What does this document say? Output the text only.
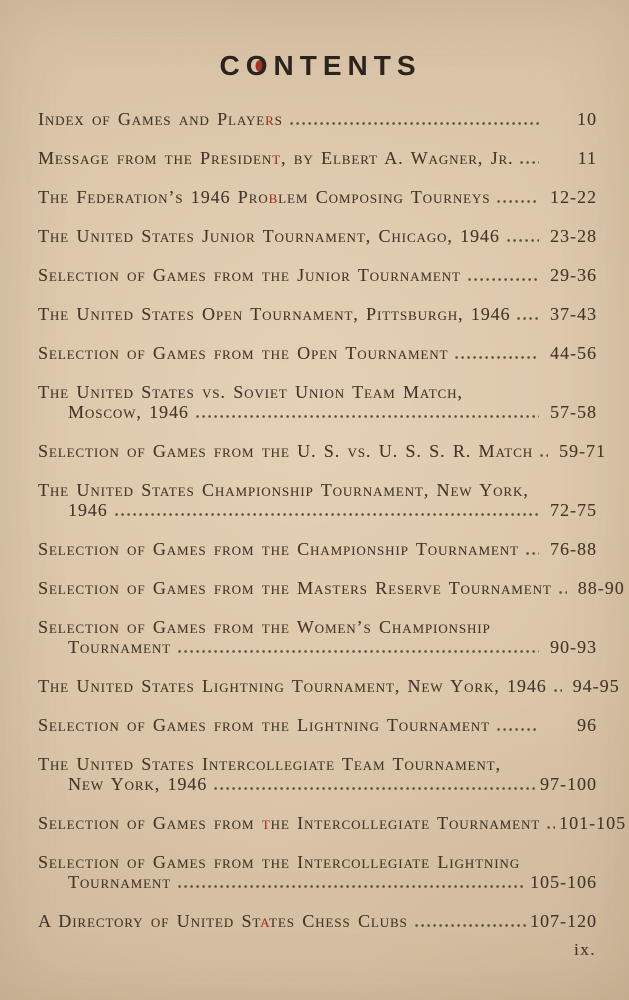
CONTENTS
Index of Games and Players	10
Message from the President, by Elbert A. Wagner, Jr.	11
The Federation’s 1946 Problem Composing Tourneys	12-22
The United States Junior Tournament, Chicago, 1946	23-28
Selection of Games from the Junior Tournament	29-36
The United States Open Tournament, Pittsburgh, 1946	37-43
Selection of Games from the Open Tournament	44-56
The United States vs. Soviet Union Team Match,
Moscow, 1946	57-58
Selection of Games from the U. S. vs. U. S. S. R. Match	59-71
The United States Championship Tournament, New York,
1946	72-75
Selection of Games from the Championship Tournament	76-88
Selection of Games from the Masters Reserve Tournament	88-90
Selection of Games from the Women’s Championship
Tournament	90-93
The United States Lightning Tournament, New York, 1946	94-95
Selection of Games from the Lightning Tournament	96
The United States Intercollegiate Team Tournament,
New York, 1946	97-100
Selection of Games from the Intercollegiate Tournament 101-105
Selection of Games from the Intercollegiate Lightning
Tournament	105-106
A Directory of United States Chess Clubs	107-120
ix.
